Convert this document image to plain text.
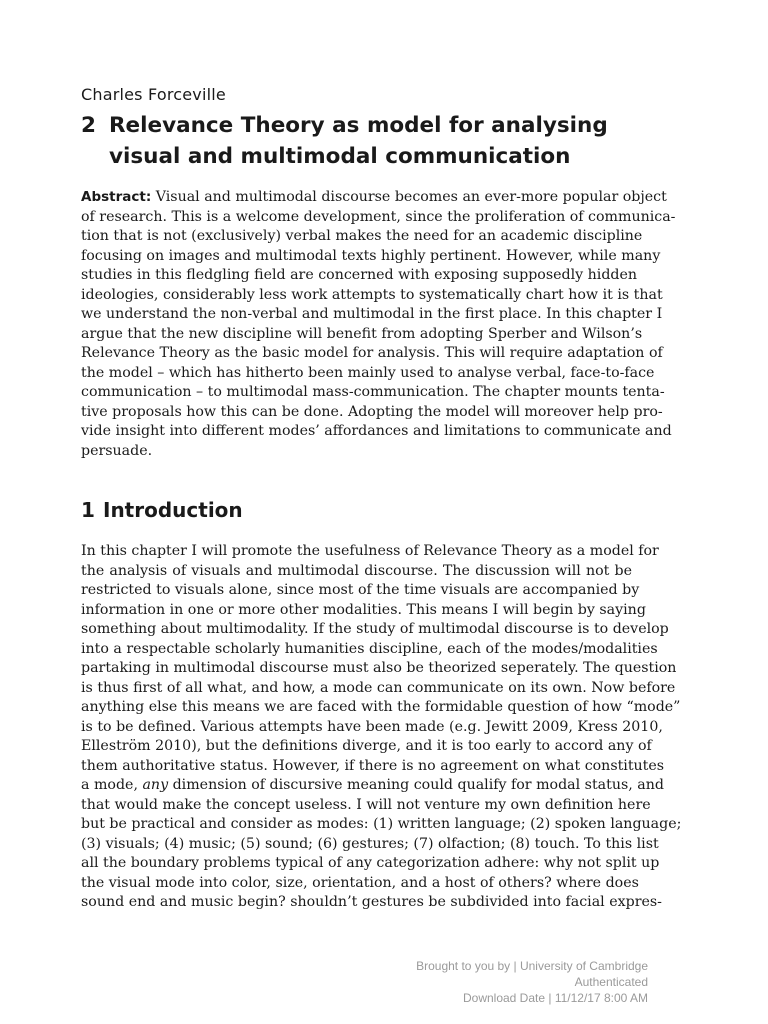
Charles Forceville
2 Relevance Theory as model for analysing
visual and multimodal communication
Abstract: Visual and multimodal discourse becomes an ever-more popular object
of research. This is a welcome development, since the proliferation of communica-
tion that is not (exclusively) verbal makes the need for an academic discipline
focusing on images and multimodal texts highly pertinent. However, while many
studies in this fledgling field are concerned with exposing supposedly hidden
ideologies, considerably less work attempts to systematically chart how it is that
we understand the non-verbal and multimodal in the first place. In this chapter I
argue that the new discipline will benefit from adopting Sperber and Wilson’s
Relevance Theory as the basic model for analysis. This will require adaptation of
the model – which has hitherto been mainly used to analyse verbal, face-to-face
communication – to multimodal mass-communication. The chapter mounts tenta-
tive proposals how this can be done. Adopting the model will moreover help pro-
vide insight into different modes’ affordances and limitations to communicate and
persuade.
1 Introduction
In this chapter I will promote the usefulness of Relevance Theory as a model for
the analysis of visuals and multimodal discourse. The discussion will not be
restricted to visuals alone, since most of the time visuals are accompanied by
information in one or more other modalities. This means I will begin by saying
something about multimodality. If the study of multimodal discourse is to develop
into a respectable scholarly humanities discipline, each of the modes/modalities
partaking in multimodal discourse must also be theorized seperately. The question
is thus first of all what, and how, a mode can communicate on its own. Now before
anything else this means we are faced with the formidable question of how “mode”
is to be defined. Various attempts have been made (e.g. Jewitt 2009, Kress 2010,
Elleström 2010), but the definitions diverge, and it is too early to accord any of
them authoritative status. However, if there is no agreement on what constitutes
a mode, any dimension of discursive meaning could qualify for modal status, and
that would make the concept useless. I will not venture my own definition here
but be practical and consider as modes: (1) written language; (2) spoken language;
(3) visuals; (4) music; (5) sound; (6) gestures; (7) olfaction; (8) touch. To this list
all the boundary problems typical of any categorization adhere: why not split up
the visual mode into color, size, orientation, and a host of others? where does
sound end and music begin? shouldn’t gestures be subdivided into facial expres-
Brought to you by | University of Cambridge
Authenticated
Download Date | 11/12/17 8:00 AM
